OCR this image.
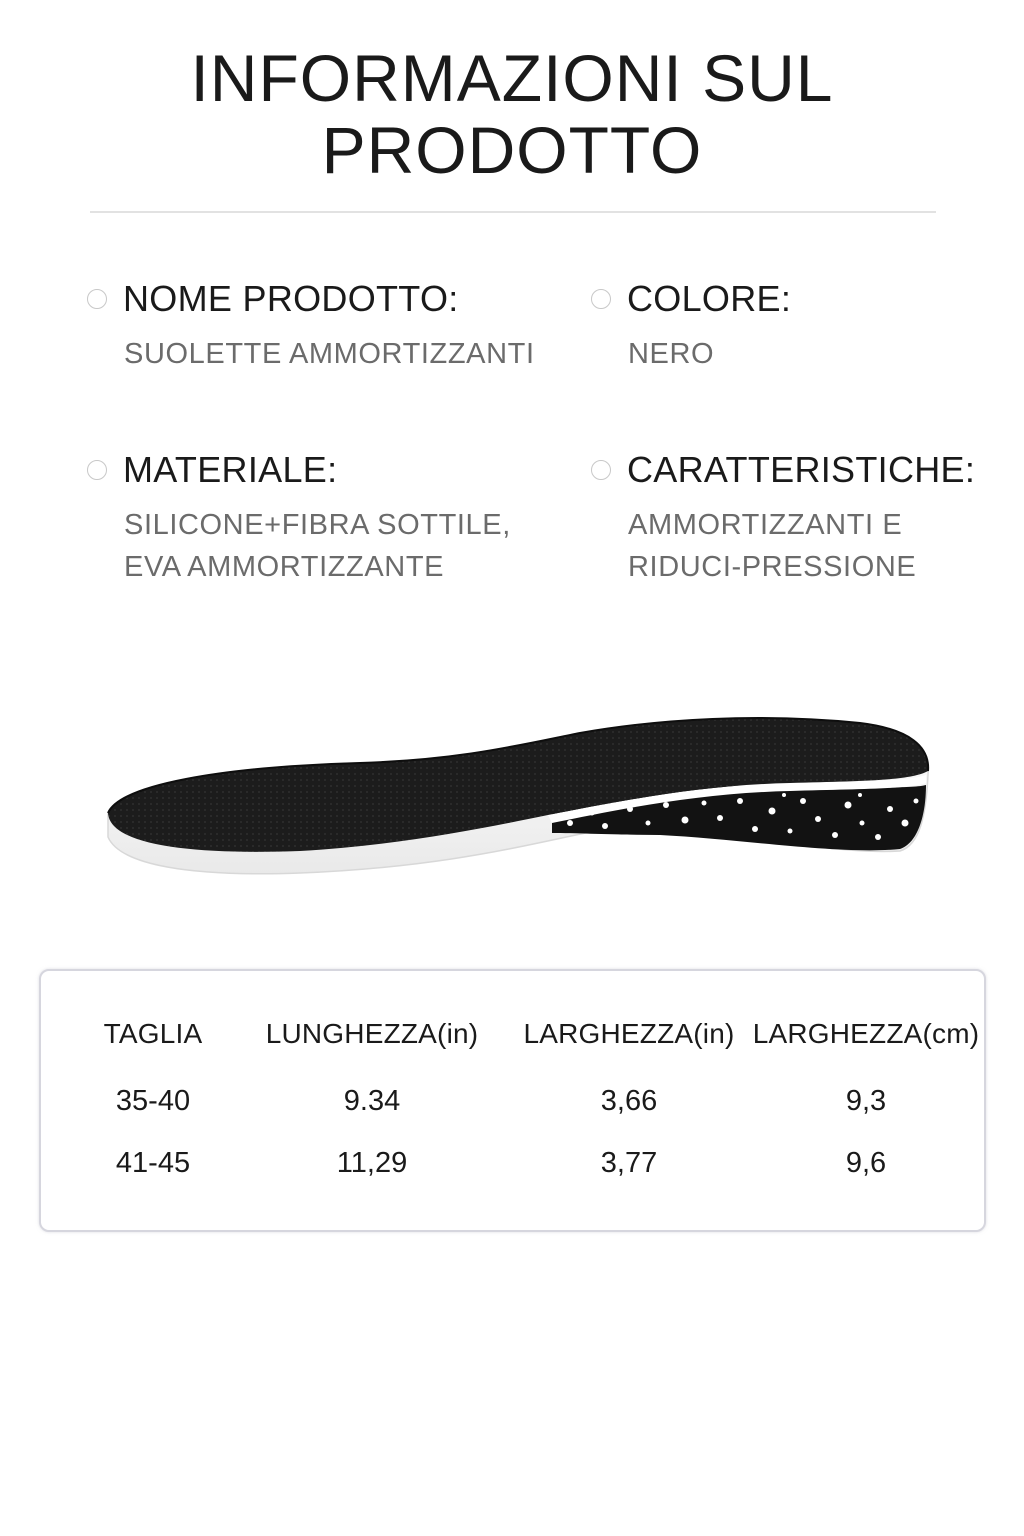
INFORMAZIONI SUL
PRODOTTO
NOME PRODOTTO:
SUOLETTE AMMORTIZZANTI
COLORE:
NERO
MATERIALE:
SILICONE+FIBRA SOTTILE,
EVA AMMORTIZZANTE
CARATTERISTICHE:
AMMORTIZZANTI E
RIDUCI-PRESSIONE
TAGLIA LUNGHEZZA(in) LARGHEZZA(in) LARGHEZZA(cm)
35-40	9.34	3,66	9,3
41-45	11,29	3,77	9,6
